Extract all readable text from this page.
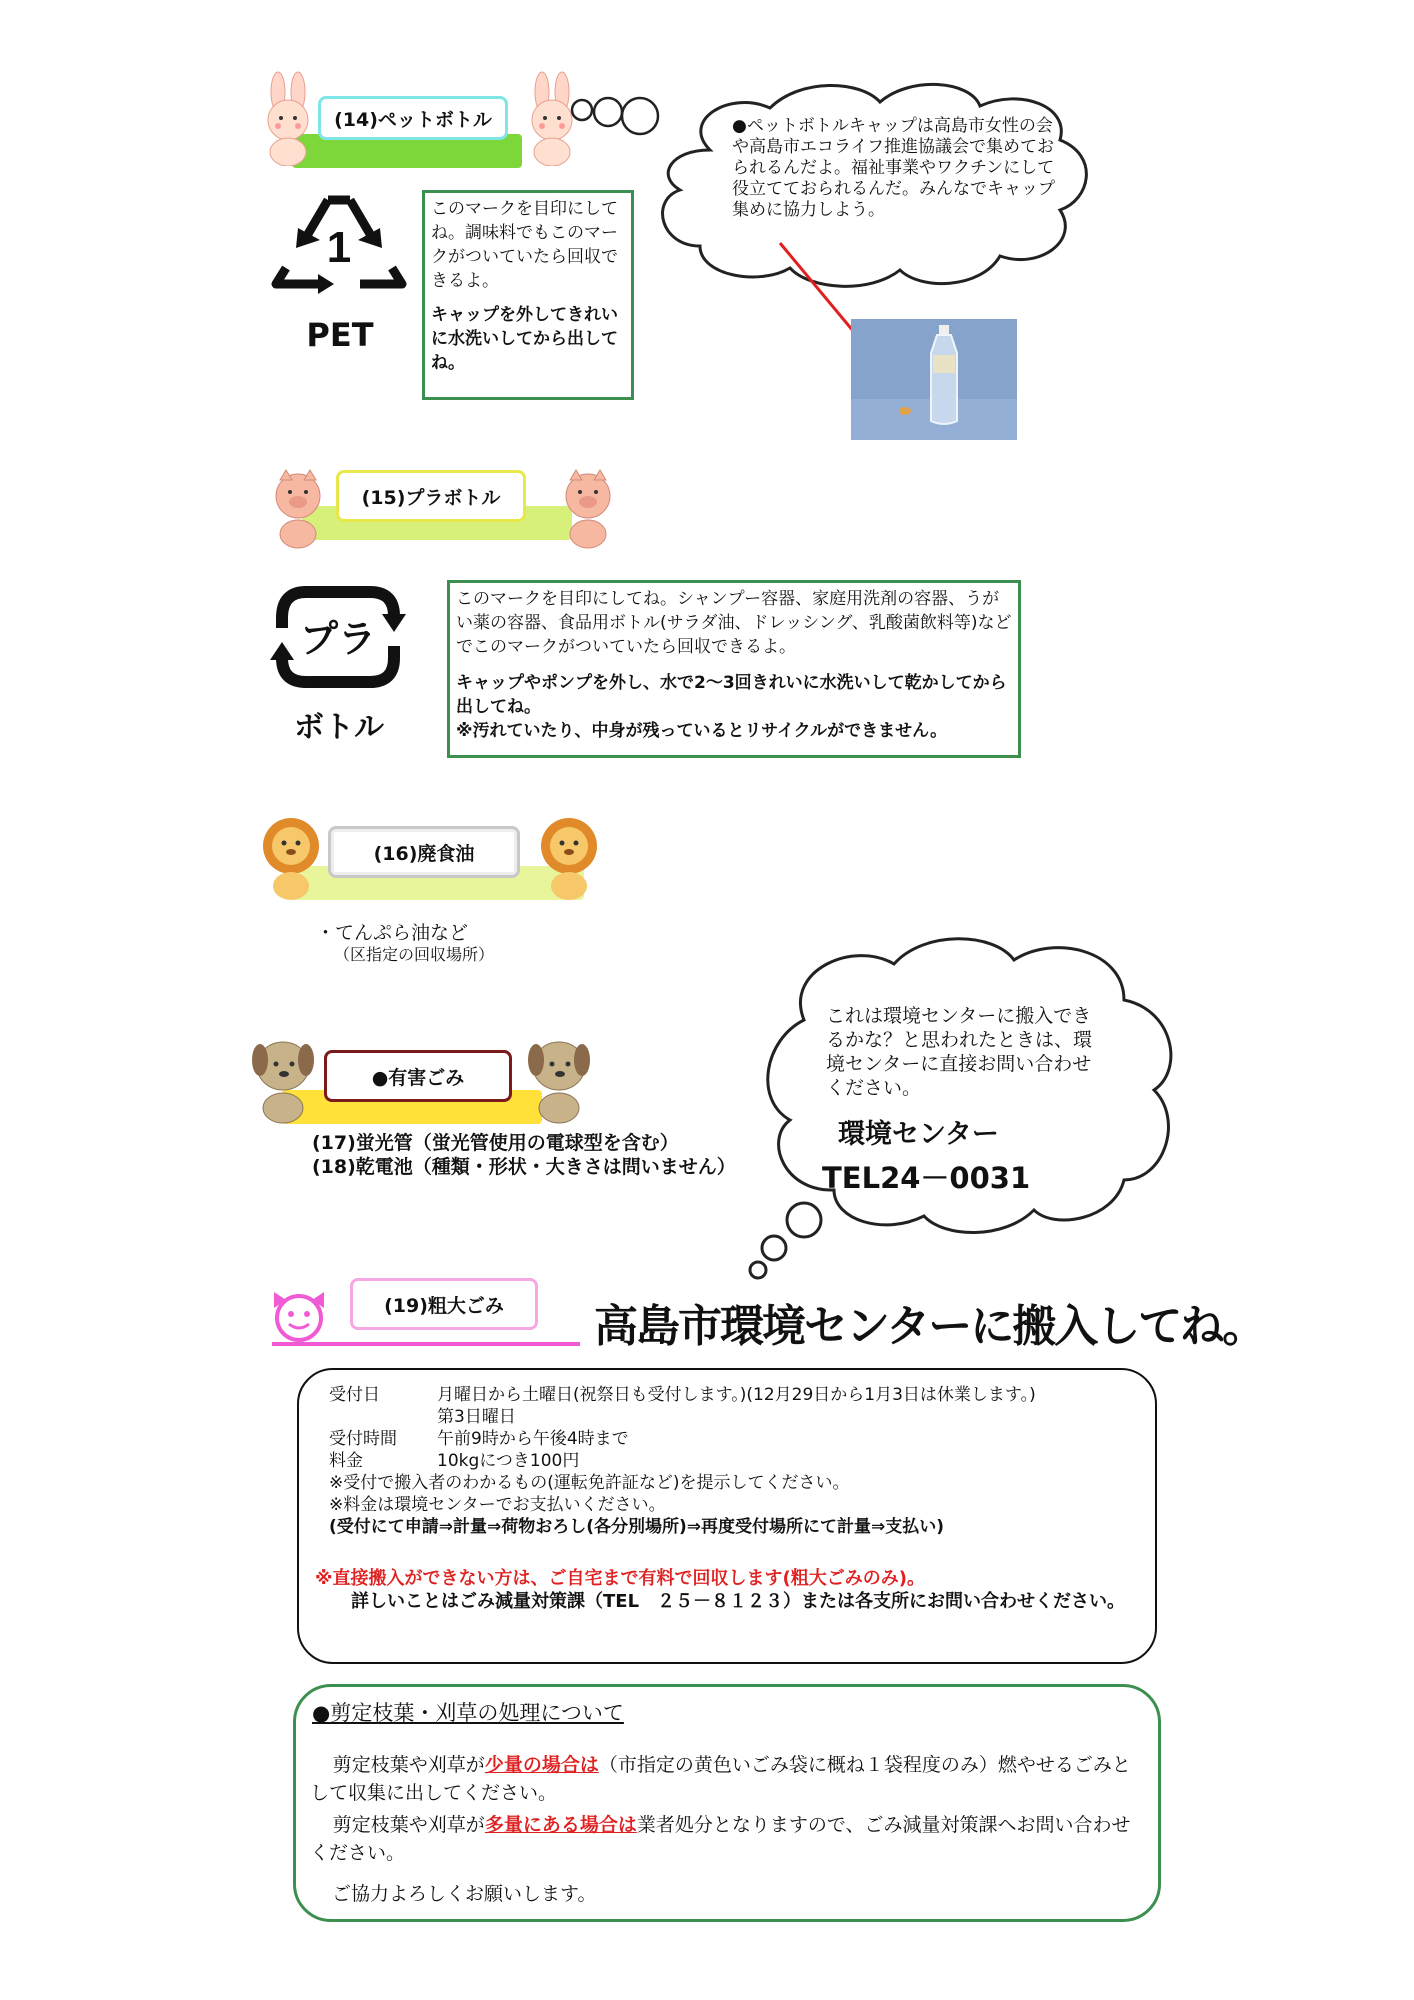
(14)ペットボトル
1
PET

このマークを目印にしてね。調味料でもこのマークがついていたら回収できるよ。

キャップを外してきれいに水洗いしてから出してね。

●ペットボトルキャップは高島市女性の会や高島市エコライフ推進協議会で集めておられるんだよ。福祉事業やワクチンにして役立てておられるんだ。みんなでキャップ集めに協力しよう。
(15)プラボトル
プラ
ボトル

このマークを目印にしてね。シャンプー容器、家庭用洗剤の容器、うがい薬の容器、食品用ボトル(サラダ油、ドレッシング、乳酸菌飲料等)などでこのマークがついていたら回収できるよ。

キャップやポンプを外し、水で2～3回きれいに水洗いして乾かしてから出してね。

※汚れていたり、中身が残っているとリサイクルができません。

(16)廃食油
・てんぷら油など
（区指定の回収場所）
●有害ごみ
(17)蛍光管（蛍光管使用の電球型を含む）
(18)乾電池（種類・形状・大きさは問いません）
これは環境センターに搬入できるかな？と思われたときは、環境センターに直接お問い合わせください。
環境センター
TEL24－0031
(19)粗大ごみ	高島市環境センターに搬入してね。
受付日	月曜日から土曜日(祝祭日も受付します。)(12月29日から1月3日は休業します。)
第3日曜日
受付時間 午前9時から午後4時まで
料金	10kgにつき100円
※受付で搬入者のわかるもの(運転免許証など)を提示してください。
※料金は環境センターでお支払いください。
(受付にて申請⇒計量⇒荷物おろし(各分別場所)⇒再度受付場所にて計量⇒支払い)
※直接搬入ができない方は、ご自宅まで有料で回収します(粗大ごみのみ)。
詳しいことはごみ減量対策課（TEL　２５－８１２３）または各支所にお問い合わせください。
●剪定枝葉・刈草の処理について
剪定枝葉や刈草が少量の場合は（市指定の黄色いごみ袋に概ね１袋程度のみ）燃やせるごみとして収集に出してください。
剪定枝葉や刈草が多量にある場合は業者処分となりますので、ごみ減量対策課へお問い合わせください。
ご協力よろしくお願いします。
